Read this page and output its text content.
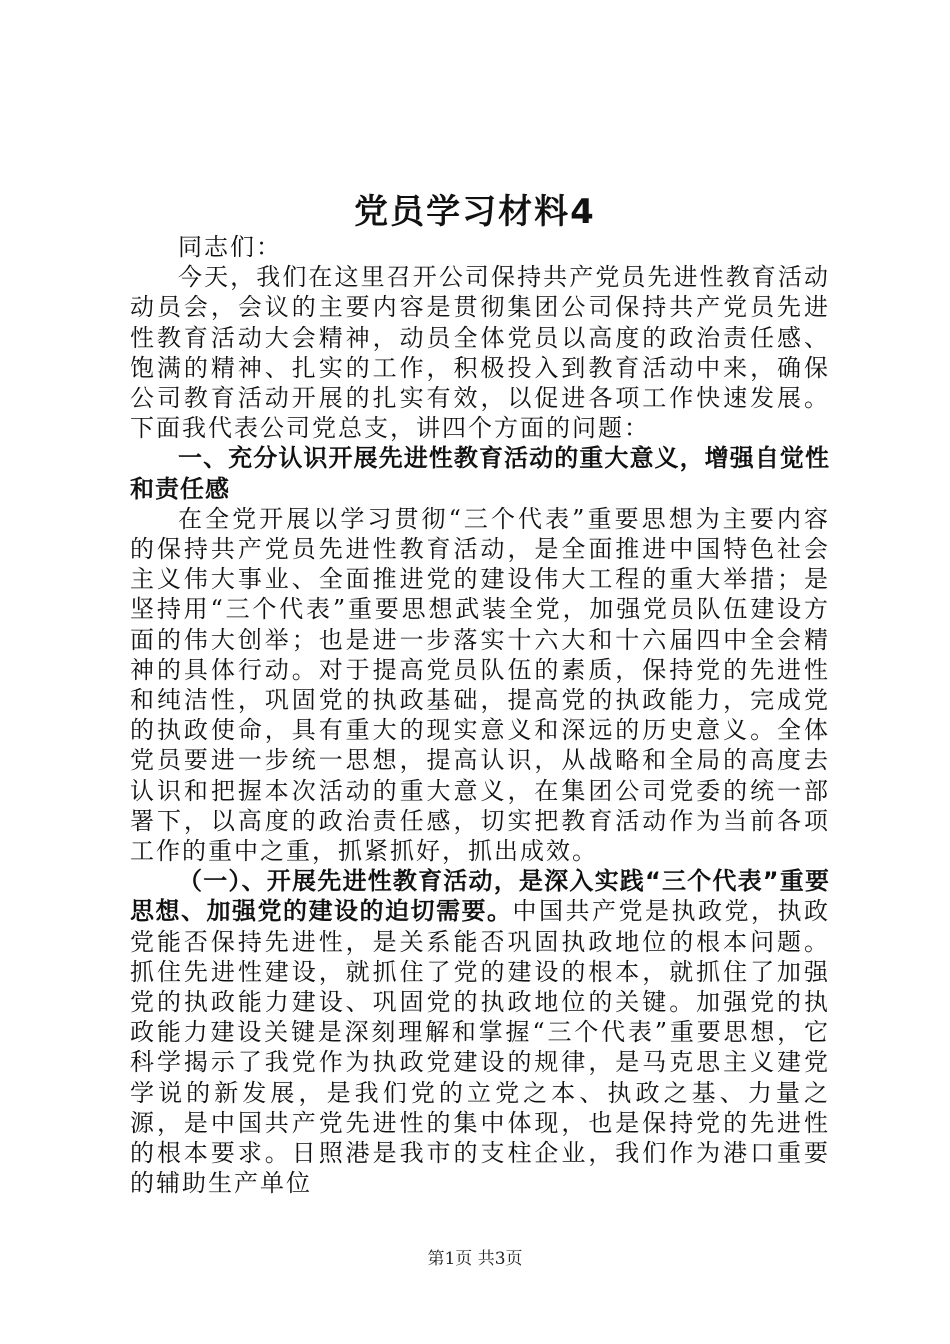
党员学习材料4

同志们：

今天，我们在这里召开公司保持共产党员先进性教育活动动员会，会议的主要内容是贯彻集团公司保持共产党员先进性教育活动大会精神，动员全体党员以高度的政治责任感、饱满的精神、扎实的工作，积极投入到教育活动中来，确保公司教育活动开展的扎实有效，以促进各项工作快速发展。下面我代表公司党总支，讲四个方面的问题：

一、充分认识开展先进性教育活动的重大意义，增强自觉性和责任感

在全党开展以学习贯彻“三个代表”重要思想为主要内容的保持共产党员先进性教育活动，是全面推进中国特色社会主义伟大事业、全面推进党的建设伟大工程的重大举措；是坚持用“三个代表”重要思想武装全党，加强党员队伍建设方面的伟大创举；也是进一步落实十六大和十六届四中全会精神的具体行动。对于提高党员队伍的素质，保持党的先进性和纯洁性，巩固党的执政基础，提高党的执政能力，完成党的执政使命，具有重大的现实意义和深远的历史意义。全体党员要进一步统一思想，提高认识，从战略和全局的高度去认识和把握本次活动的重大意义，在集团公司党委的统一部署下，以高度的政治责任感，切实把教育活动作为当前各项工作的重中之重，抓紧抓好，抓出成效。

（一）、开展先进性教育活动，是深入实践“三个代表”重要思想、加强党的建设的迫切需要。中国共产党是执政党，执政党能否保持先进性，是关系能否巩固执政地位的根本问题。抓住先进性建设，就抓住了党的建设的根本，就抓住了加强党的执政能力建设、巩固党的执政地位的关键。加强党的执政能力建设关键是深刻理解和掌握“三个代表”重要思想，它科学揭示了我党作为执政党建设的规律，是马克思主义建党学说的新发展，是我们党的立党之本、执政之基、力量之源，是中国共产党先进性的集中体现，也是保持党的先进性的根本要求。日照港是我市的支柱企业，我们作为港口重要的辅助生产单位

第1页 共3页
